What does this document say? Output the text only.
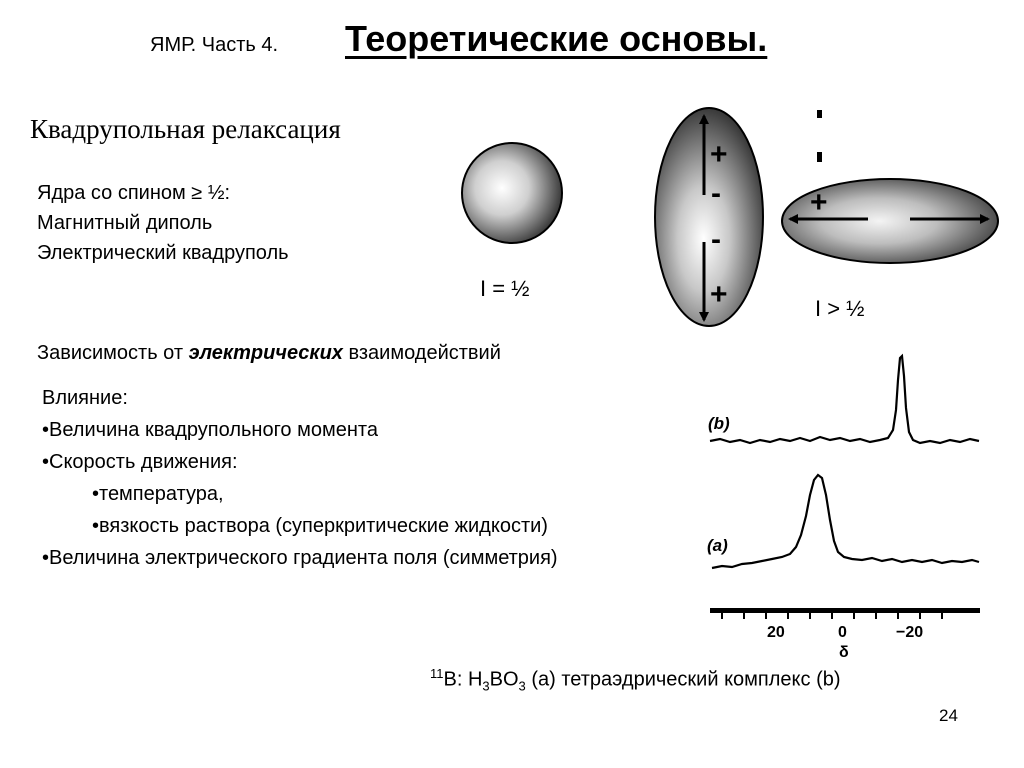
ЯМР. Часть 4. Теоретические основы.
Квадрупольная релаксация
Ядра со спином ≥ ½:
Магнитный диполь
Электрический квадруполь
+
-
-
+
+
(b)
(a)
20	0	−20
δ
I = ½
I > ½
Зависимость от электрических взаимодействий
Влияние:
•Величина квадрупольного момента
•Скорость движения:
•температура,
•вязкость раствора (суперкритические жидкости)
•Величина электрического градиента поля (симметрия)
$^{11}$B: $H_3BO_3$ (a) тетраэдрический комплекс (b)
24
